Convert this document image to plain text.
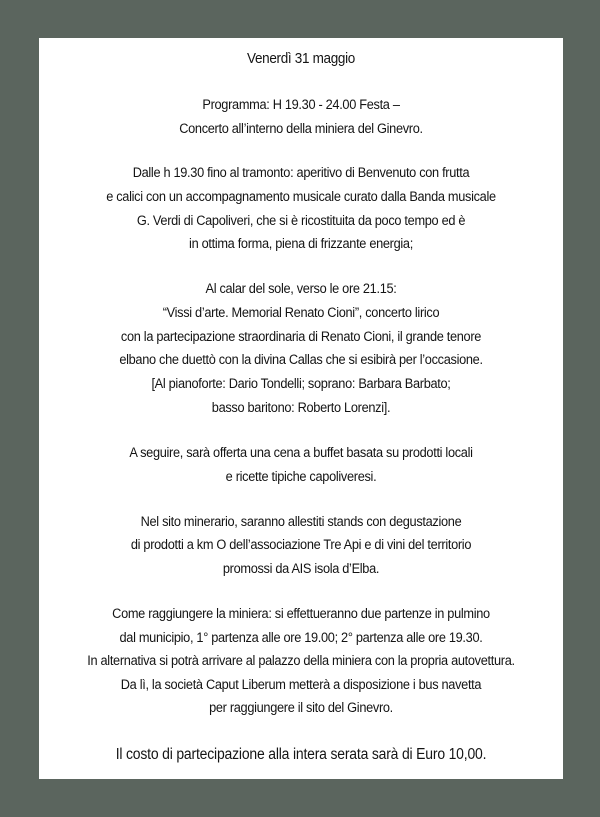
Venerdì 31 maggio
Programma: H 19.30 - 24.00 Festa –
Concerto all’interno della miniera del Ginevro.
Dalle h 19.30 fino al tramonto: aperitivo di Benvenuto con frutta
e calici con un accompagnamento musicale curato dalla Banda musicale
G. Verdi di Capoliveri, che si è ricostituita da poco tempo ed è
in ottima forma, piena di frizzante energia;
Al calar del sole, verso le ore 21.15:
“Vissi d’arte. Memorial Renato Cioni”, concerto lirico
con la partecipazione straordinaria di Renato Cioni, il grande tenore
elbano che duettò con la divina Callas che si esibirà per l’occasione.
[Al pianoforte: Dario Tondelli; soprano: Barbara Barbato;
basso baritono: Roberto Lorenzi].
A seguire, sarà offerta una cena a buffet basata su prodotti locali
e ricette tipiche capoliveresi.
Nel sito minerario, saranno allestiti stands con degustazione
di prodotti a km O dell’associazione Tre Api e di vini del territorio
promossi da AIS isola d’Elba.
Come raggiungere la miniera: si effettueranno due partenze in pulmino
dal municipio, 1° partenza alle ore 19.00; 2° partenza alle ore 19.30.
In alternativa si potrà arrivare al palazzo della miniera con la propria autovettura.
Da lì, la società Caput Liberum metterà a disposizione i bus navetta
per raggiungere il sito del Ginevro.
Il costo di partecipazione alla intera serata sarà di Euro 10,00.
